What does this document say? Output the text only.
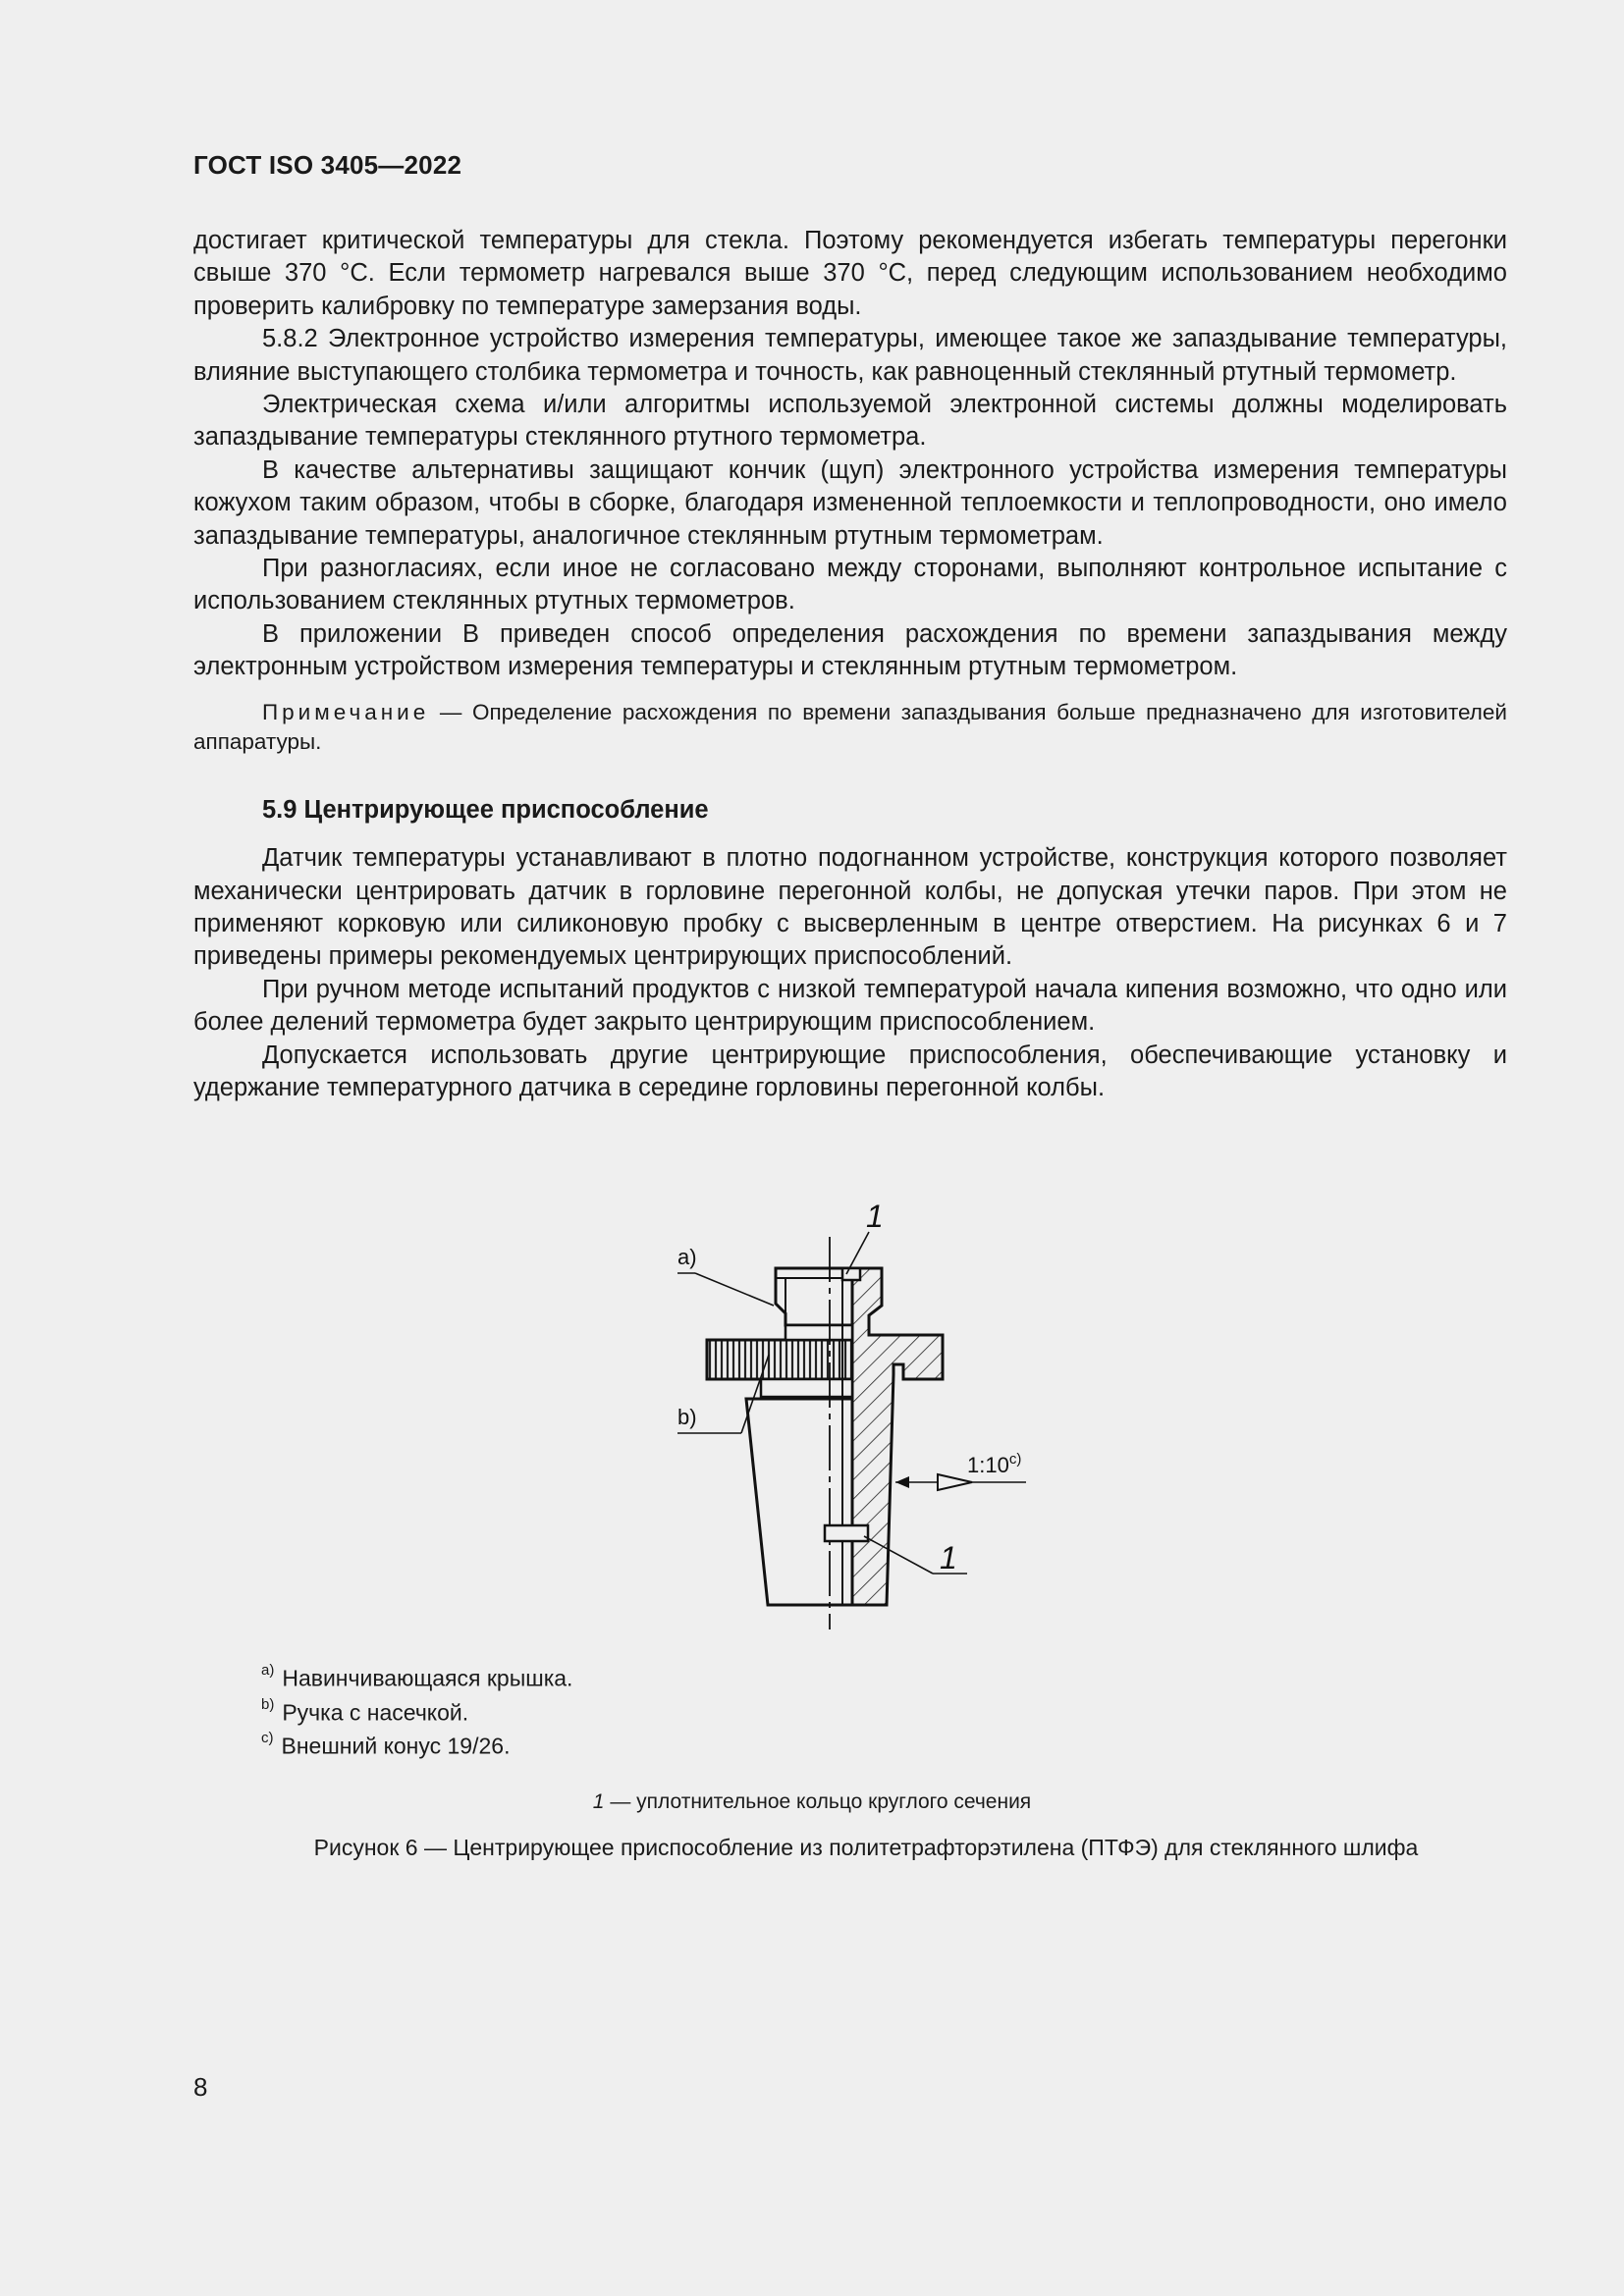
ГОСТ ISO 3405—2022

достигает критической температуры для стекла. Поэтому рекомендуется избегать температуры перегонки свыше 370 °С. Если термометр нагревался выше 370 °С, перед следующим использованием необходимо проверить калибровку по температуре замерзания воды.

5.8.2 Электронное устройство измерения температуры, имеющее такое же запаздывание температуры, влияние выступающего столбика термометра и точность, как равноценный стеклянный ртутный термометр.

Электрическая схема и/или алгоритмы используемой электронной системы должны моделировать запаздывание температуры стеклянного ртутного термометра.

В качестве альтернативы защищают кончик (щуп) электронного устройства измерения температуры кожухом таким образом, чтобы в сборке, благодаря измененной теплоемкости и теплопроводности, оно имело запаздывание температуры, аналогичное стеклянным ртутным термометрам.

При разногласиях, если иное не согласовано между сторонами, выполняют контрольное испытание с использованием стеклянных ртутных термометров.

В приложении В приведен способ определения расхождения по времени запаздывания между электронным устройством измерения температуры и стеклянным ртутным термометром.

Примечание — Определение расхождения по времени запаздывания больше предназначено для изготовителей аппаратуры.

5.9 Центрирующее приспособление

Датчик температуры устанавливают в плотно подогнанном устройстве, конструкция которого позволяет механически центрировать датчик в горловине перегонной колбы, не допуская утечки паров. При этом не применяют корковую или силиконовую пробку с высверленным в центре отверстием. На рисунках 6 и 7 приведены примеры рекомендуемых центрирующих приспособлений.

При ручном методе испытаний продуктов с низкой температурой начала кипения возможно, что одно или более делений термометра будет закрыто центрирующим приспособлением.

Допускается использовать другие центрирующие приспособления, обеспечивающие установку и удержание температурного датчика в середине горловины перегонной колбы.

a)
b)
1
1
1:10$^{c)}$
$^{a)}$ Навинчивающаяся крышка.
$^{b)}$ Ручка с насечкой.
$^{c)}$ Внешний конус 19/26.
1 — уплотнительное кольцо круглого сечения
Рисунок 6 — Центрирующее приспособление из политетрафторэтилена (ПТФЭ) для стеклянного шлифа
8
